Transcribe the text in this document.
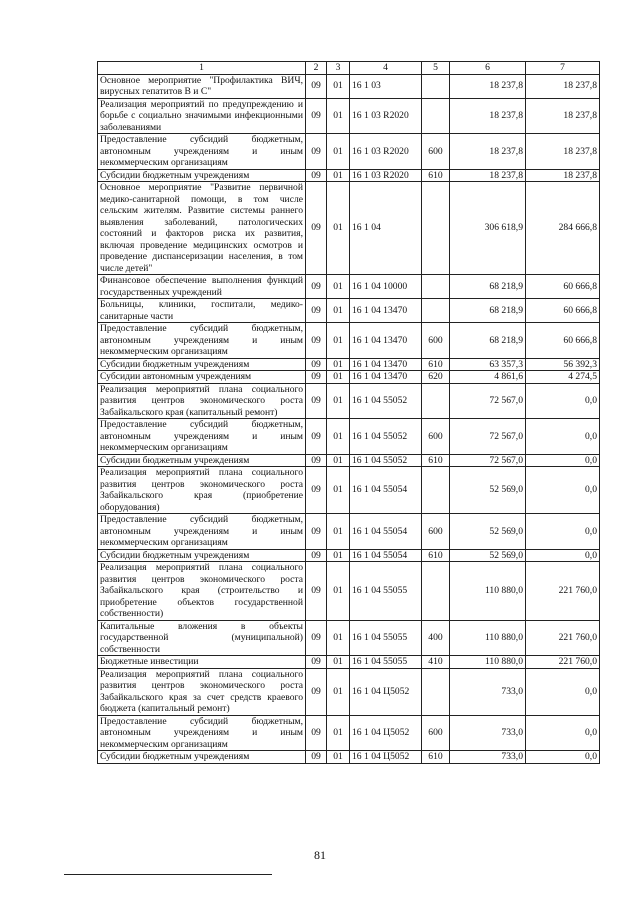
1	2	3	4	5	6	7
Основное мероприятие "Профилактика ВИЧ, вирусных гепатитов В и С"	09	01	16 1 03		18 237,8	18 237,8
Реализация мероприятий по предупреждению и борьбе с социально значимыми инфекционными заболеваниями	09	01	16 1 03 R2020		18 237,8	18 237,8
Предоставление субсидий бюджетным, автономным учреждениям и иным некоммерческим организациям	09	01	16 1 03 R2020	600	18 237,8	18 237,8
Субсидии бюджетным учреждениям	09	01	16 1 03 R2020	610	18 237,8	18 237,8
Основное мероприятие "Развитие первичной медико-санитарной помощи, в том числе сельским жителям. Развитие системы раннего выявления заболеваний, патологических состояний и факторов риска их развития, включая проведение медицинских осмотров и проведение диспансеризации населения, в том числе детей"	09	01	16 1 04		306 618,9	284 666,8
Финансовое обеспечение выполнения функций государственных учреждений	09	01	16 1 04 10000		68 218,9	60 666,8
Больницы, клиники, госпитали, медико-санитарные части	09	01	16 1 04 13470		68 218,9	60 666,8
Предоставление субсидий бюджетным, автономным учреждениям и иным некоммерческим организациям	09	01	16 1 04 13470	600	68 218,9	60 666,8
Субсидии бюджетным учреждениям	09	01	16 1 04 13470	610	63 357,3	56 392,3
Субсидии автономным учреждениям	09	01	16 1 04 13470	620	4 861,6	4 274,5
Реализация мероприятий плана социального развития центров экономического роста Забайкальского края (капитальный ремонт)	09	01	16 1 04 55052		72 567,0	0,0
Предоставление субсидий бюджетным, автономным учреждениям и иным некоммерческим организациям	09	01	16 1 04 55052	600	72 567,0	0,0
Субсидии бюджетным учреждениям	09	01	16 1 04 55052	610	72 567,0	0,0
Реализация мероприятий плана социального развития центров экономического роста Забайкальского края (приобретение оборудования)	09	01	16 1 04 55054		52 569,0	0,0
Предоставление субсидий бюджетным, автономным учреждениям и иным некоммерческим организациям	09	01	16 1 04 55054	600	52 569,0	0,0
Субсидии бюджетным учреждениям	09	01	16 1 04 55054	610	52 569,0	0,0
Реализация мероприятий плана социального развития центров экономического роста Забайкальского края (строительство и приобретение объектов государственной собственности)	09	01	16 1 04 55055		110 880,0	221 760,0
Капитальные вложения в объекты государственной (муниципальной) собственности	09	01	16 1 04 55055	400	110 880,0	221 760,0
Бюджетные инвестиции	09	01	16 1 04 55055	410	110 880,0	221 760,0
Реализация мероприятий плана социального развития центров экономического роста Забайкальского края за счет средств краевого бюджета (капитальный ремонт)	09	01	16 1 04 Ц5052		733,0	0,0
Предоставление субсидий бюджетным, автономным учреждениям и иным некоммерческим организациям	09	01	16 1 04 Ц5052	600	733,0	0,0
Субсидии бюджетным учреждениям	09	01	16 1 04 Ц5052	610	733,0	0,0
81
